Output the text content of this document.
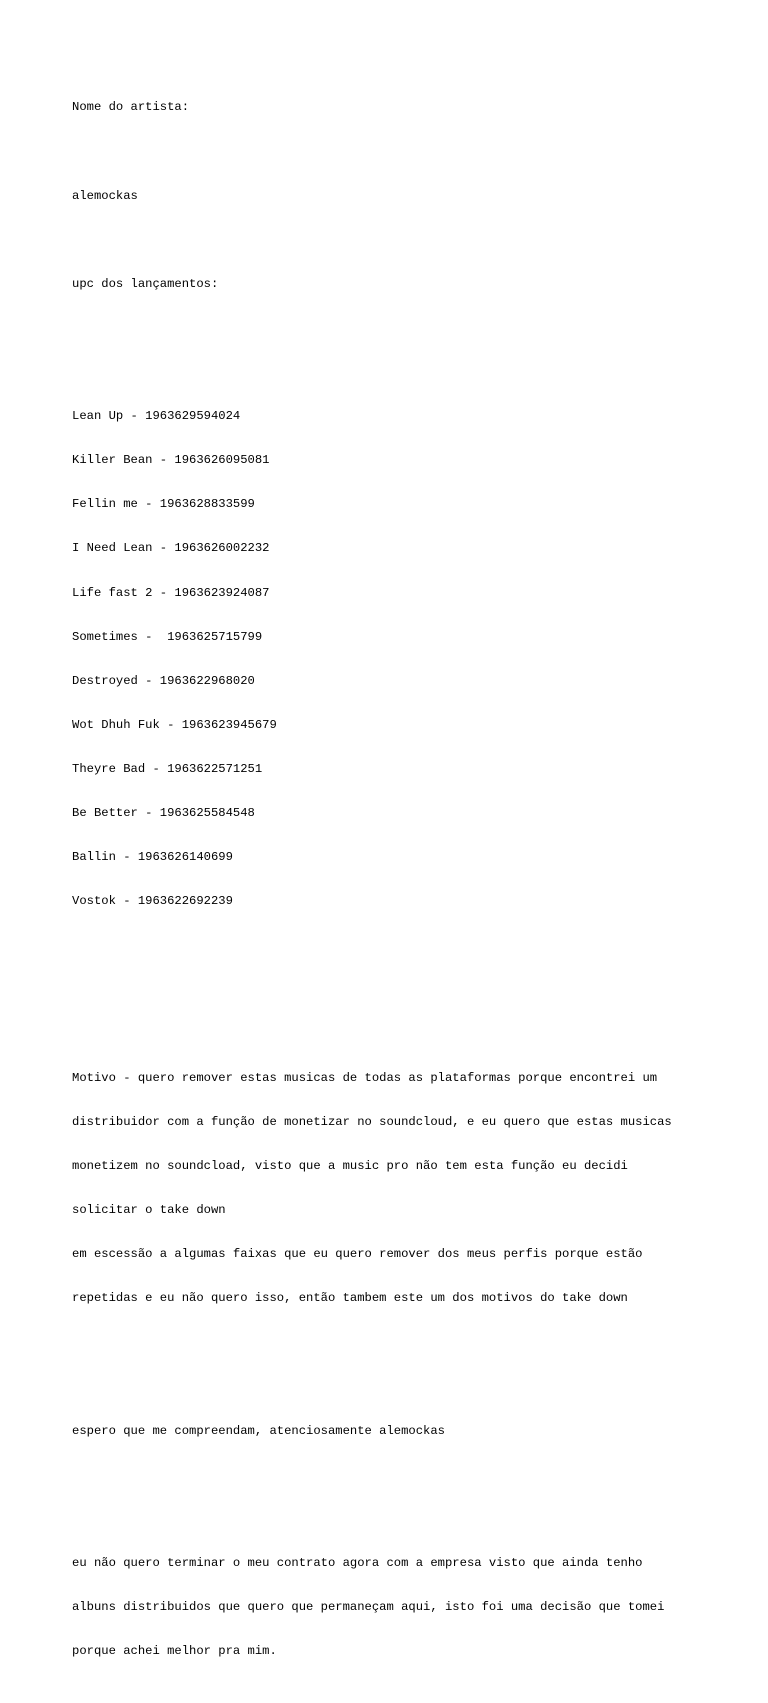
Nome do artista:

alemockas

upc dos lançamentos:

Lean Up - 1963629594024

Killer Bean - 1963626095081

Fellin me - 1963628833599

I Need Lean - 1963626002232

Life fast 2 - 1963623924087

Sometimes -  1963625715799

Destroyed - 1963622968020

Wot Dhuh Fuk - 1963623945679

Theyre Bad - 1963622571251

Be Better - 1963625584548

Ballin - 1963626140699

Vostok - 1963622692239

Motivo - quero remover estas musicas de todas as plataformas porque encontrei um

distribuidor com a função de monetizar no soundcloud, e eu quero que estas musicas

monetizem no soundcload, visto que a music pro não tem esta função eu decidi

solicitar o take down

em escessão a algumas faixas que eu quero remover dos meus perfis porque estão

repetidas e eu não quero isso, então tambem este um dos motivos do take down

espero que me compreendam, atenciosamente alemockas

eu não quero terminar o meu contrato agora com a empresa visto que ainda tenho

albuns distribuidos que quero que permaneçam aqui, isto foi uma decisão que tomei

porque achei melhor pra mim.
